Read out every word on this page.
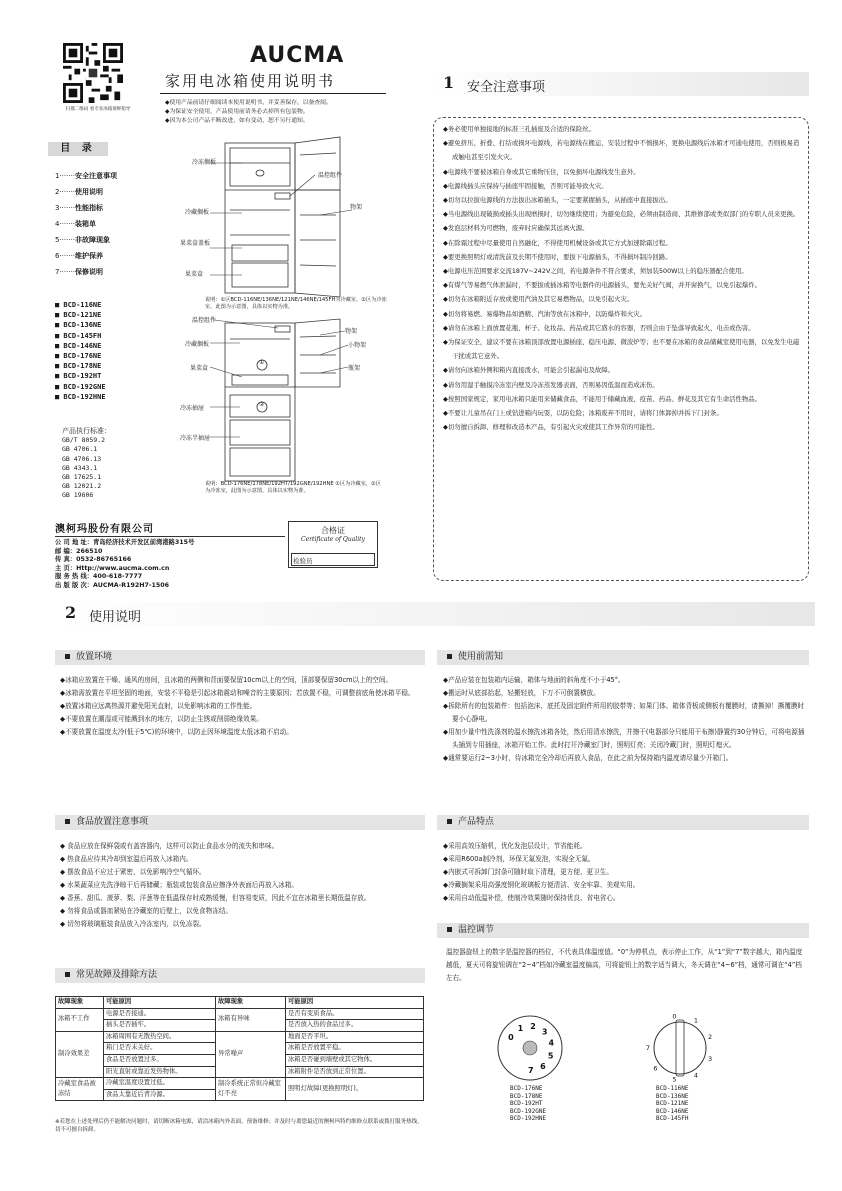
扫描二维码 看专业冰箱保鲜指导
AUCMA
家用电冰箱使用说明书
◆使用产品前请仔细阅读本使用说明书，并妥善保存，以备查阅。
◆为保证安全使用，产品使用前请务必去掉所有包装物。
◆因为本公司产品不断改进，如有变动，恕不另行通知。
目 录
1·······安全注意事项
2·······使用说明
3·······性能指标
4·······装箱单
5·······非故障现象
6·······维护保养
7·······保修说明
■ BCD-116NE
■ BCD-121NE
■ BCD-136NE
■ BCD-145FH
■ BCD-146NE
■ BCD-176NE
■ BCD-178NE
■ BCD-192HT
■ BCD-192GNE
■ BCD-192HNE
产品执行标准：
GB/T 8059.2
GB 4706.1
GB 4706.13
GB 4343.1
GB 17625.1
GB 12021.2
GB 19606
冷冻搁板
温控组件
冷藏搁板
物架
果菜盒盖板
果菜盒
说明：①区BCD-116NE/136NE/121NE/146NE/145FH为冷藏室，②区为冷冻室，此图为示意图，具体以实物为准。
温控组件
物架
冷藏搁板	小物架
果菜盒	瓶架
①
②
冷冻抽屉
冷冻半抽屉
说明：BCD-176NE/178NE/192HT/192GNE/192HNE ①区为冷藏室，②区为冷冻室，此图为示意图，具体以实物为准。
澳柯玛股份有限公司
公 司 地 址：青岛经济技术开发区前湾港路315号
邮 编：266510
传 真：0532-86765166
主 页：Http://www.aucma.com.cn
服 务 热 线：400-618-7777
出 版 版 次：AUCMA-R192H7-1506
合格证
Certificate of Quality
检验员
1 安全注意事项
◆务必使用单独接地的标准三孔插座及合适的保险丝。
◆避免挤压、折叠、打结或损坏电源线，若电源线在搬运、安装过程中不慎损坏，更换电源线后冰箱才可通电使用，否则极易造成触电甚至引发火灾。
◆电源线不要被冰箱自身或其它重物压住，以免损坏电源线发生意外。
◆电源线插头应保持与插座牢固接触，否则可能导致火灾。
◆切勿以拉拔电源线的方法拔出冰箱插头，一定要紧握插头，从插座中直接拔出。
◆当电源线出现破损或插头出现磨损时，切勿继续使用；为避免危险，必须由制造商、其维修部或类似部门的专职人员来更换。
◆发泡层材料为可燃物，废弃时应确保其远离火源。
◆在除霜过程中尽量使用自然融化，不得使用机械设备或其它方式加速除霜过程。
◆要更换照明灯或清洗前及长期不使用时，要拔下电源插头，不得损坏制冷回路。
◆电源电压范围要求交流187V~242V之间，若电源条件不符合要求，须加装500W以上的稳压器配合使用。
◆有煤气等易燃气体泄漏时，不要拔或插冰箱等电器件的电源插头，要先关好气阀，并开窗换气，以免引起爆炸。
◆切勿在冰箱附近存放或使用汽油及其它易燃物品，以免引起火灾。
◆切勿将易燃、易爆物品如酒精、汽油等放在冰箱中，以防爆炸和火灾。
◆请勿在冰箱上面放置花瓶、杯子、化妆品、药品或其它盛水的容器，否则会由于坠落导致起火、电击或伤害。
◆为保证安全，建议不要在冰箱顶部放置电源插座、稳压电源、微波炉等；也不要在冰箱的食品储藏室使用电器，以免发生电磁干扰或其它意外。
◆请勿向冰箱外侧和箱内直接泼水，可能会引起漏电及故障。
◆请勿用湿手触摸冷冻室内壁及冷冻蒸发器表面，否则易因低温而造成冻伤。
◆按照国家规定，家用电冰箱只能用来储藏食品，不能用于储藏血液、疫苗、药品、鲜花及其它有生命活性物品。
◆不要让儿童吊在门上或钻进箱内玩耍，以防危险；冰箱废弃不用时，请将门体卸掉并拆下门封条。
◆切勿擅自拆卸、修理和改造本产品，有引起火灾或使其工作异常的可能性。
2 使用说明
放置环境
◆冰箱应放置在干燥、通风的房间，且冰箱的两侧和背面要保留10cm以上的空间，顶部要保留30cm以上的空间。
◆冰箱需放置在平坦坚固的地面，安装不平稳是引起冰箱震动和噪音的主要原因；若放置不稳，可调整前底角使冰箱平稳。
◆放置冰箱应远离热源并避免阳光直射，以免影响冰箱的工作性能。
◆不要放置在潮湿或可能溅到水的地方，以防止生锈或削弱绝缘效果。
◆不要放置在温度太冷(低于5℃)的环境中，以防止因环境温度太低冰箱不启动。
使用前需知
◆产品应装在包装箱内运输，箱体与地面的斜角度不小于45°。
◆搬运时从底部抬起，轻搬轻放，下万不可倒置横放。
◆拆除所有的包装箱件：包括泡沫、底托及固定附件所用的胶带等；如果门体、箱体背板或侧板有覆膜时，请撕掉！撕覆膜时要小心静电。
◆用加少量中性洗涤剂的温水擦洗冰箱各处，然后用清水擦洗，并擦干(电器部分只能用干布擦)静置约30分钟后，可将电源插头插到专用插座，冰箱开始工作。此时打开冷藏室门时，照明灯亮；关闭冷藏门时，照明灯熄灭。
◆通常要运行2~3小时，待冰箱完全冷却后再放入食品，在此之前为保持箱内温度请尽量少开箱门。
食品放置注意事项
◆ 食品应放在保鲜袋或有盖容器内，这样可以防止食品水分的流失和串味。
◆ 热食品应待其冷却到室温后再放入冰箱内。
◆ 摆放食品不应过于紧密，以免影响冷空气循环。
◆ 水果蔬菜应先洗净晾干后再储藏；瓶装或包装食品应擦净外表面后再放入冰箱。
◆ 香蕉、甜瓜、菠萝、梨、洋葱等在低温保存时成熟缓慢，但容易变质，因此不宜在冰箱里长期低温存放。
◆ 勿将食品或器皿紧贴在冷藏室的后壁上，以免食物冻结。
◆ 切勿将玻璃瓶装食品放入冷冻室内，以免冻裂。
产品特点
◆采用高效压缩机，优化发泡层设计，节省能耗。
◆采用R600a制冷剂，环保无氟发泡，实现全无氟。
◆内嵌式可拆卸门封条可随时取下清理，更方便、更卫生。
◆冷藏搁架采用高强度钢化玻璃板方便清洁、安全牢靠、美观实用。
◆采用自动低温补偿，使制冷效果随时保持优良、省电省心。
温控调节
温控器旋钮上的数字是温控器的档位，不代表具体温度值。“0”为停机点，表示停止工作，从“1”到“7”数字越大，箱内温度越低，夏天可将旋钮调在“2~4”档如冷藏室温度偏高，可将旋钮上的数字适当调大，冬天调在“4~6”档，通常可调在“4”档左右。
0
1 2
3
4
5
6
7
BCD-176NE
BCD-178NE
BCD-192HT
BCD-192GNE
BCD-192HNE
0	1
2
3
4
5
6
7
BCD-116NE
BCD-136NE
BCD-121NE
BCD-146NE
BCD-145FH
常见故障及排除方法
故障现象	可能原因	故障现象	可能原因
冰箱不工作	电源是否接通。	冰箱有异味	是否有变质食品。
	插头是否插牢。		是否放入热的食品过多。
制冷效果差	冰箱周围有无散热空间。	异常噪声	地面是否平坦。
	箱门是否未关好。		冰箱是否放置平稳。
	食品是否放置过多。		冰箱是否碰到墙壁或其它物体。
	阳光直射或靠近发热物体。		冰箱附件是否放到正常位置。
冷藏室食品被冻结	冷藏室温度设置过低。	制冷系统正常但冷藏室灯不亮	照明灯故障(更换照明灯)。
	食品太靠近后背冷源。		
※若您在上述处理后仍不能解决问题时，请切断冰箱电源，请洽冰箱内外表面，预备维修；并及时与离您最近的澳柯玛特约维修点联系或拨打服务热线，切不可擅自拆卸。
